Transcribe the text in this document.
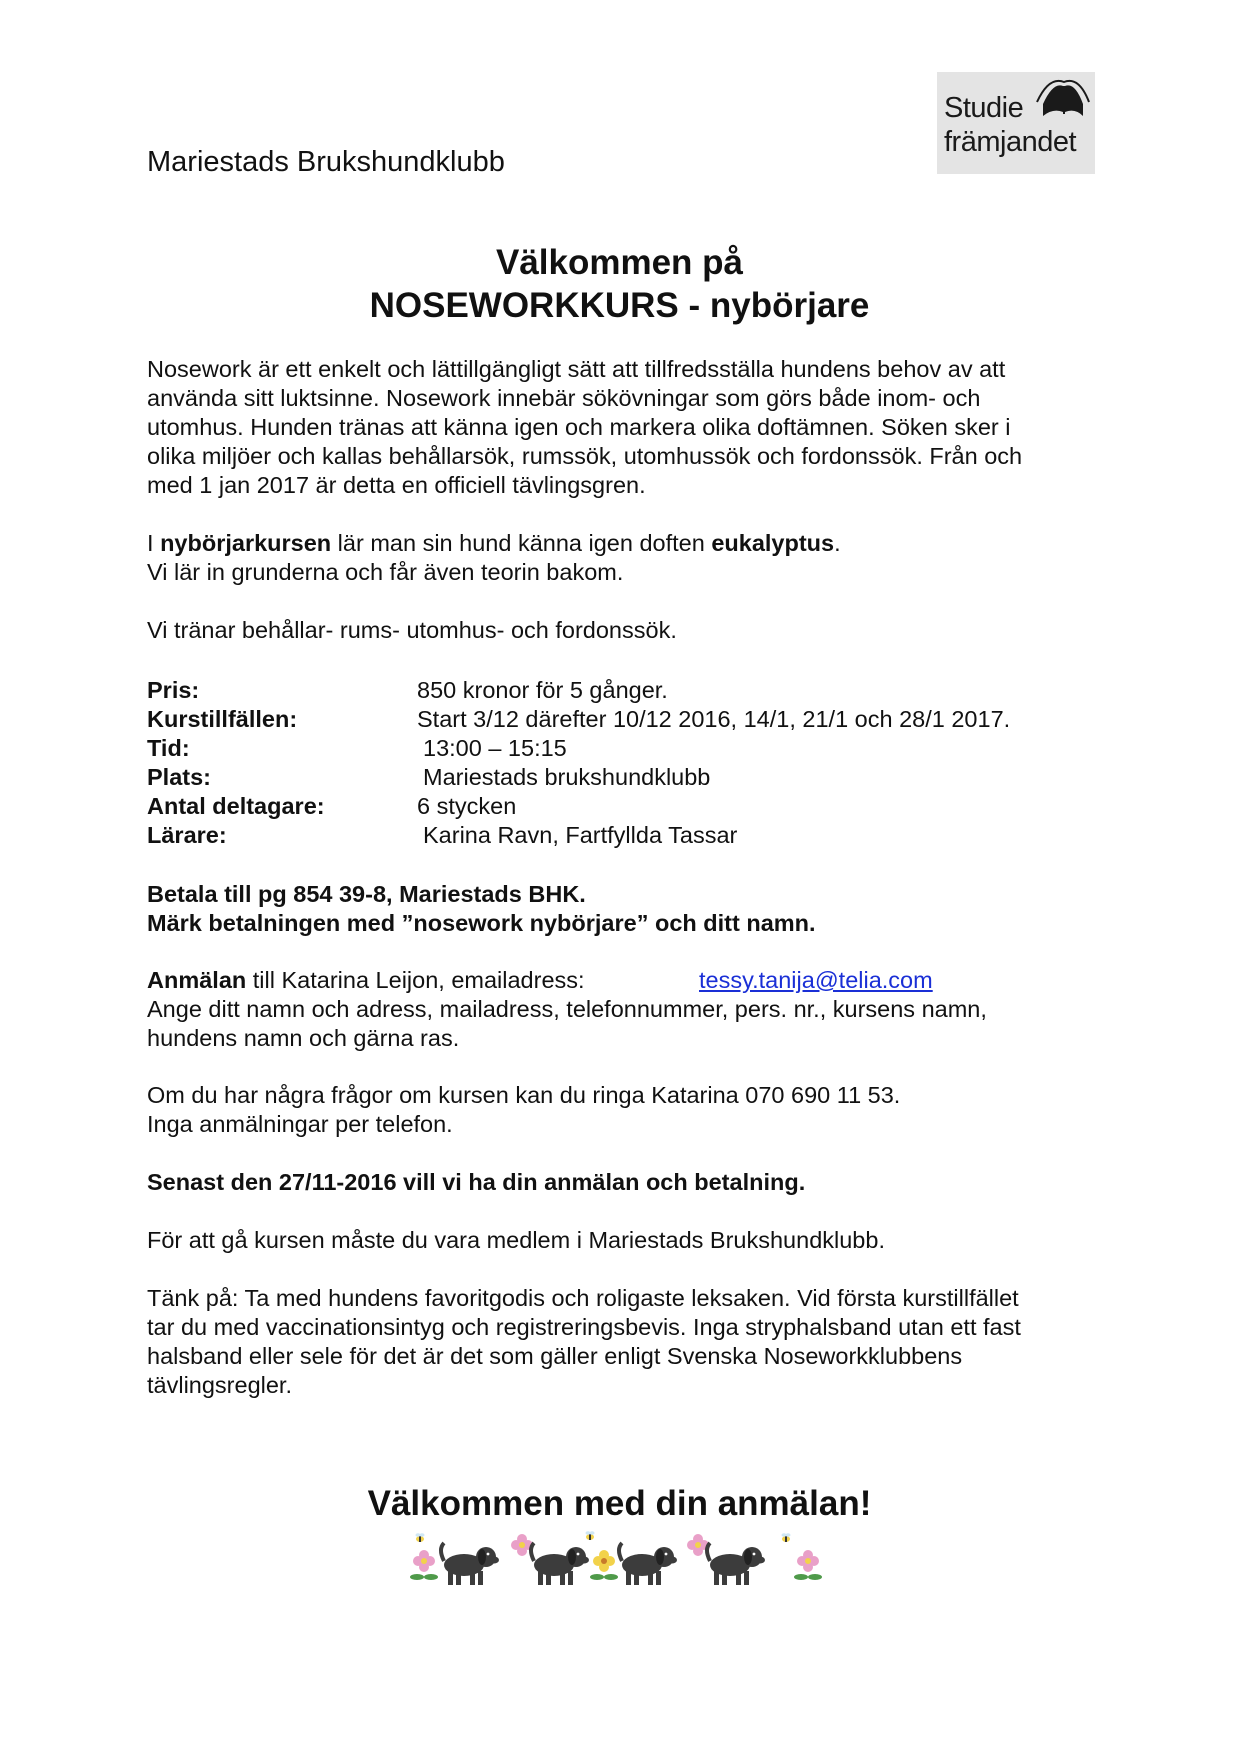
Mariestads Brukshundklubb
Studie
främjandet
Välkommen på
NOSEWORKKURS - nybörjare
Nosework är ett enkelt och lättillgängligt sätt att tillfredsställa hundens behov av att
använda sitt luktsinne. Nosework innebär sökövningar som görs både inom- och
utomhus. Hunden tränas att känna igen och markera olika doftämnen. Söken sker i
olika miljöer och kallas behållarsök, rumssök, utomhussök och fordonssök. Från och
med 1 jan 2017 är detta en officiell tävlingsgren.
I nybörjarkursen lär man sin hund känna igen doften eukalyptus.
Vi lär in grunderna och får även teorin bakom.
Vi tränar behållar- rums- utomhus- och fordonssök.
Pris:	850 kronor för 5 gånger.
Kurstillfällen:	Start 3/12 därefter 10/12 2016, 14/1, 21/1 och 28/1 2017.
Tid:	13:00 – 15:15
Plats:	Mariestads brukshundklubb
Antal deltagare:	6 stycken
Lärare:	Karina Ravn, Fartfyllda Tassar
Betala till pg 854 39-8, Mariestads BHK.
Märk betalningen med ”nosework nybörjare” och ditt namn.
Anmälan till Katarina Leijon, emailadress:	tessy.tanija@telia.com
Ange ditt namn och adress, mailadress, telefonnummer, pers. nr., kursens namn,
hundens namn och gärna ras.
Om du har några frågor om kursen kan du ringa Katarina 070 690 11 53.
Inga anmälningar per telefon.
Senast den 27/11-2016 vill vi ha din anmälan och betalning.
För att gå kursen måste du vara medlem i Mariestads Brukshundklubb.
Tänk på: Ta med hundens favoritgodis och roligaste leksaken. Vid första kurstillfället
tar du med vaccinationsintyg och registreringsbevis. Inga stryphalsband utan ett fast
halsband eller sele för det är det som gäller enligt Svenska Noseworkklubbens
tävlingsregler.
Välkommen med din anmälan!
